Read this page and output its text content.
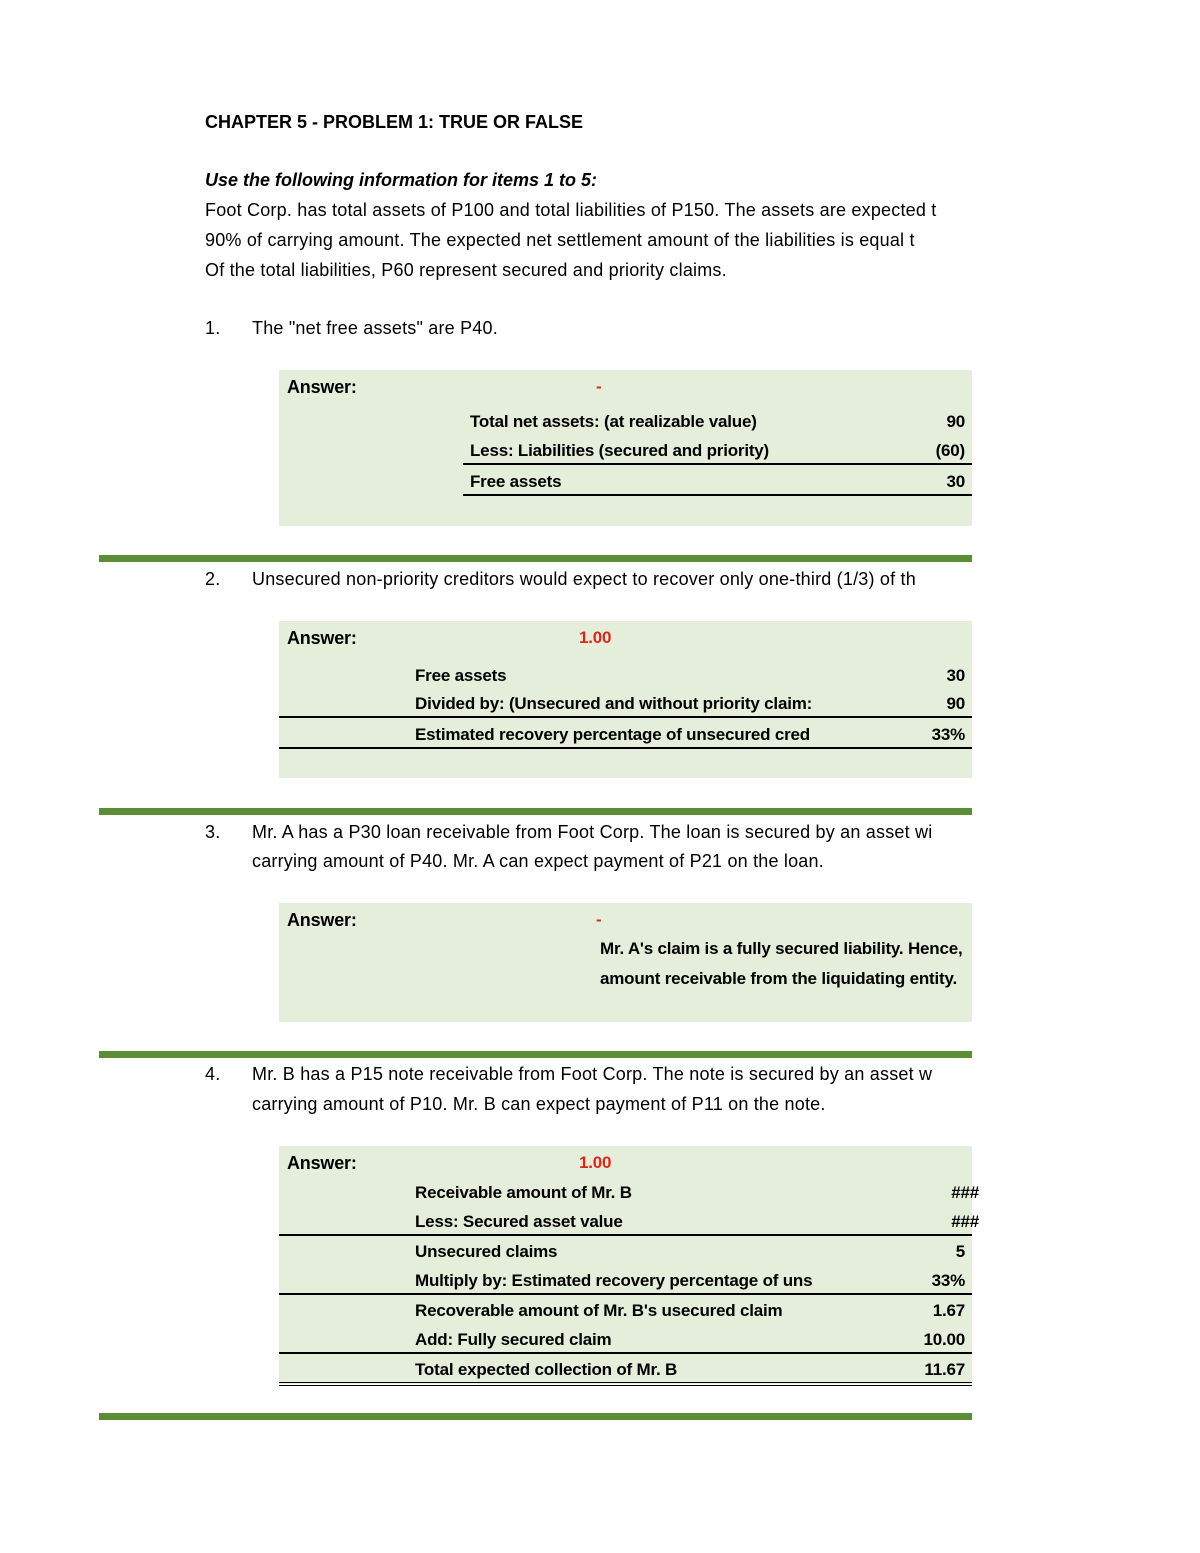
CHAPTER 5 - PROBLEM 1: TRUE OR FALSE
Use the following information for items 1 to 5:
Foot Corp. has total assets of P100 and total liabilities of P150. The assets are expected t
90% of carrying amount. The expected net settlement amount of the liabilities is equal t
Of the total liabilities, P60 represent secured and priority claims.
1.	The "net free assets" are P40.
Answer:	-
Total net assets: (at realizable value)	90
Less: Liabilities (secured and priority)	(60)
Free assets	30
2.	Unsecured non-priority creditors would expect to recover only one-third (1/3) of th
Answer:	1.00
Free assets	30
Divided by: (Unsecured and without priority claim:	90
Estimated recovery percentage of unsecured cred	33%
3.	Mr. A has a P30 loan receivable from Foot Corp. The loan is secured by an asset wi
carrying amount of P40. Mr. A can expect payment of P21 on the loan.
Answer:	-
Mr. A's claim is a fully secured liability. Hence,
amount receivable from the liquidating entity.
4.	Mr. B has a P15 note receivable from Foot Corp. The note is secured by an asset w
carrying amount of P10. Mr. B can expect payment of P11 on the note.
Answer:	1.00
Receivable amount of Mr. B	###
Less: Secured asset value	###
Unsecured claims	5
Multiply by: Estimated recovery percentage of uns	33%
Recoverable amount of Mr. B's usecured claim	1.67
Add: Fully secured claim	10.00
Total expected collection of Mr. B	11.67
